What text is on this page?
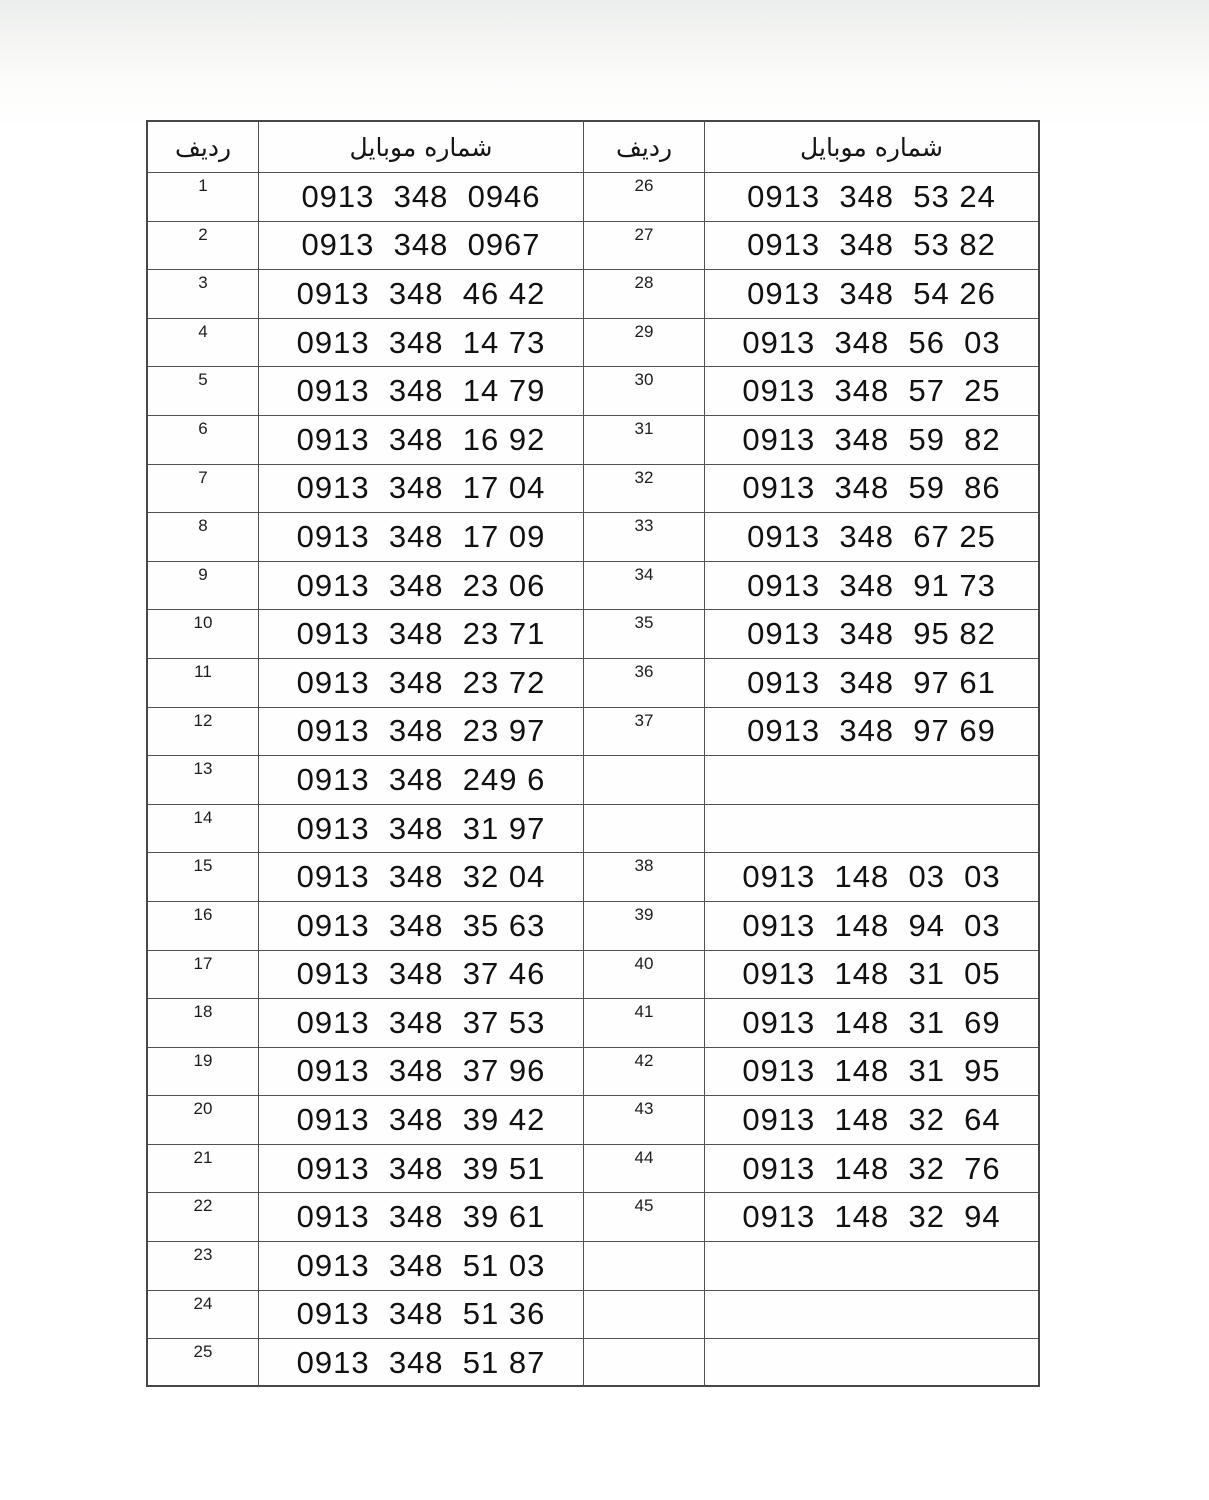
ردیف	شماره موبایل	ردیف	شماره موبایل
1	0913  348  0946	26	0913  348  53 24
2	0913  348  0967	27	0913  348  53 82
3	0913  348  46 42	28	0913  348  54 26
4	0913  348  14 73	29	0913  348  56  03
5	0913  348  14 79	30	0913  348  57  25
6	0913  348  16 92	31	0913  348  59  82
7	0913  348  17 04	32	0913  348  59  86
8	0913  348  17 09	33	0913  348  67 25
9	0913  348  23 06	34	0913  348  91 73
10	0913  348  23 71	35	0913  348  95 82
11	0913  348  23 72	36	0913  348  97 61
12	0913  348  23 97	37	0913  348  97 69
13	0913  348  249 6
14	0913  348  31 97
15	0913  348  32 04	38	0913  148  03  03
16	0913  348  35 63	39	0913  148  94  03
17	0913  348  37 46	40	0913  148  31  05
18	0913  348  37 53	41	0913  148  31  69
19	0913  348  37 96	42	0913  148  31  95
20	0913  348  39 42	43	0913  148  32  64
21	0913  348  39 51	44	0913  148  32  76
22	0913  348  39 61	45	0913  148  32  94
23	0913  348  51 03
24	0913  348  51 36
25	0913  348  51 87
